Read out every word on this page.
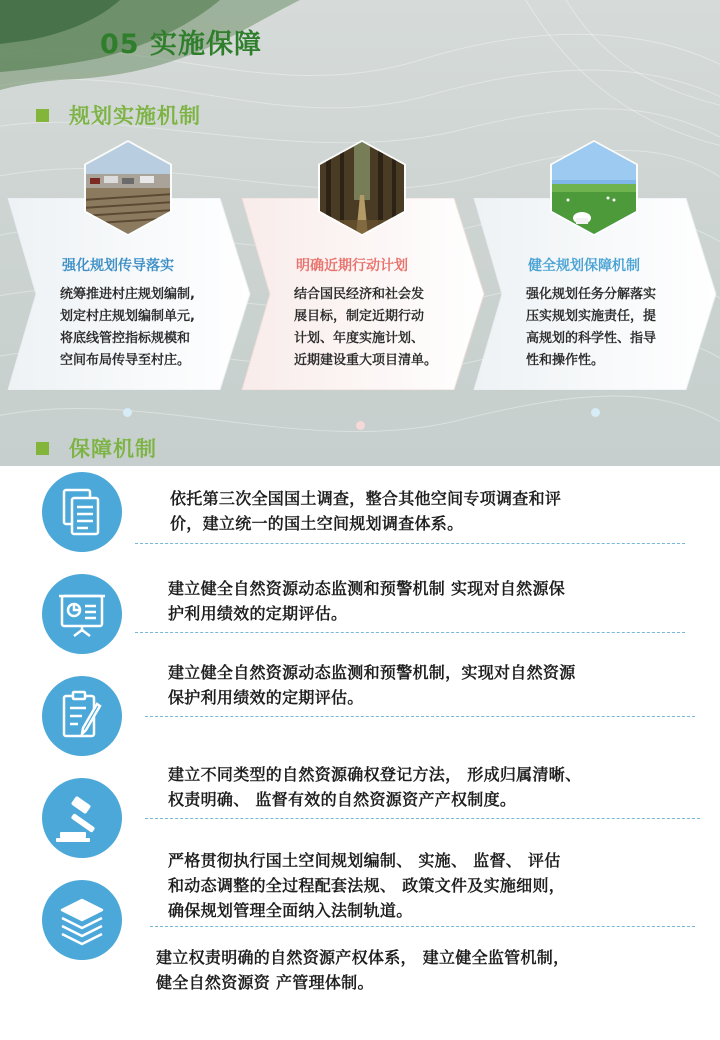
05 实施保障
规划实施机制
强化规划传导落实
统筹推进村庄规划编制,
划定村庄规划编制单元,
将底线管控指标规模和
空间布局传导至村庄。
明确近期行动计划
结合国民经济和社会发
展目标，制定近期行动
计划、年度实施计划、
近期建设重大项目清单。
健全规划保障机制
强化规划任务分解落实
压实规划实施责任，提
高规划的科学性、指导
性和操作性。
保障机制
依托第三次全国国土调查，整合其他空间专项调查和评
价，建立统一的国土空间规划调查体系。
建立健全自然资源动态监测和预警机制 实现对自然源保
护利用绩效的定期评估。
建立健全自然资源动态监测和预警机制，实现对自然资源
保护利用绩效的定期评估。
建立不同类型的自然资源确权登记方法， 形成归属清晰、
权责明确、 监督有效的自然资源资产产权制度。
严格贯彻执行国土空间规划编制、 实施、 监督、 评估
和动态调整的全过程配套法规、 政策文件及实施细则，
确保规划管理全面纳入法制轨道。
建立权责明确的自然资源产权体系， 建立健全监管机制，
健全自然资源资 产管理体制。
